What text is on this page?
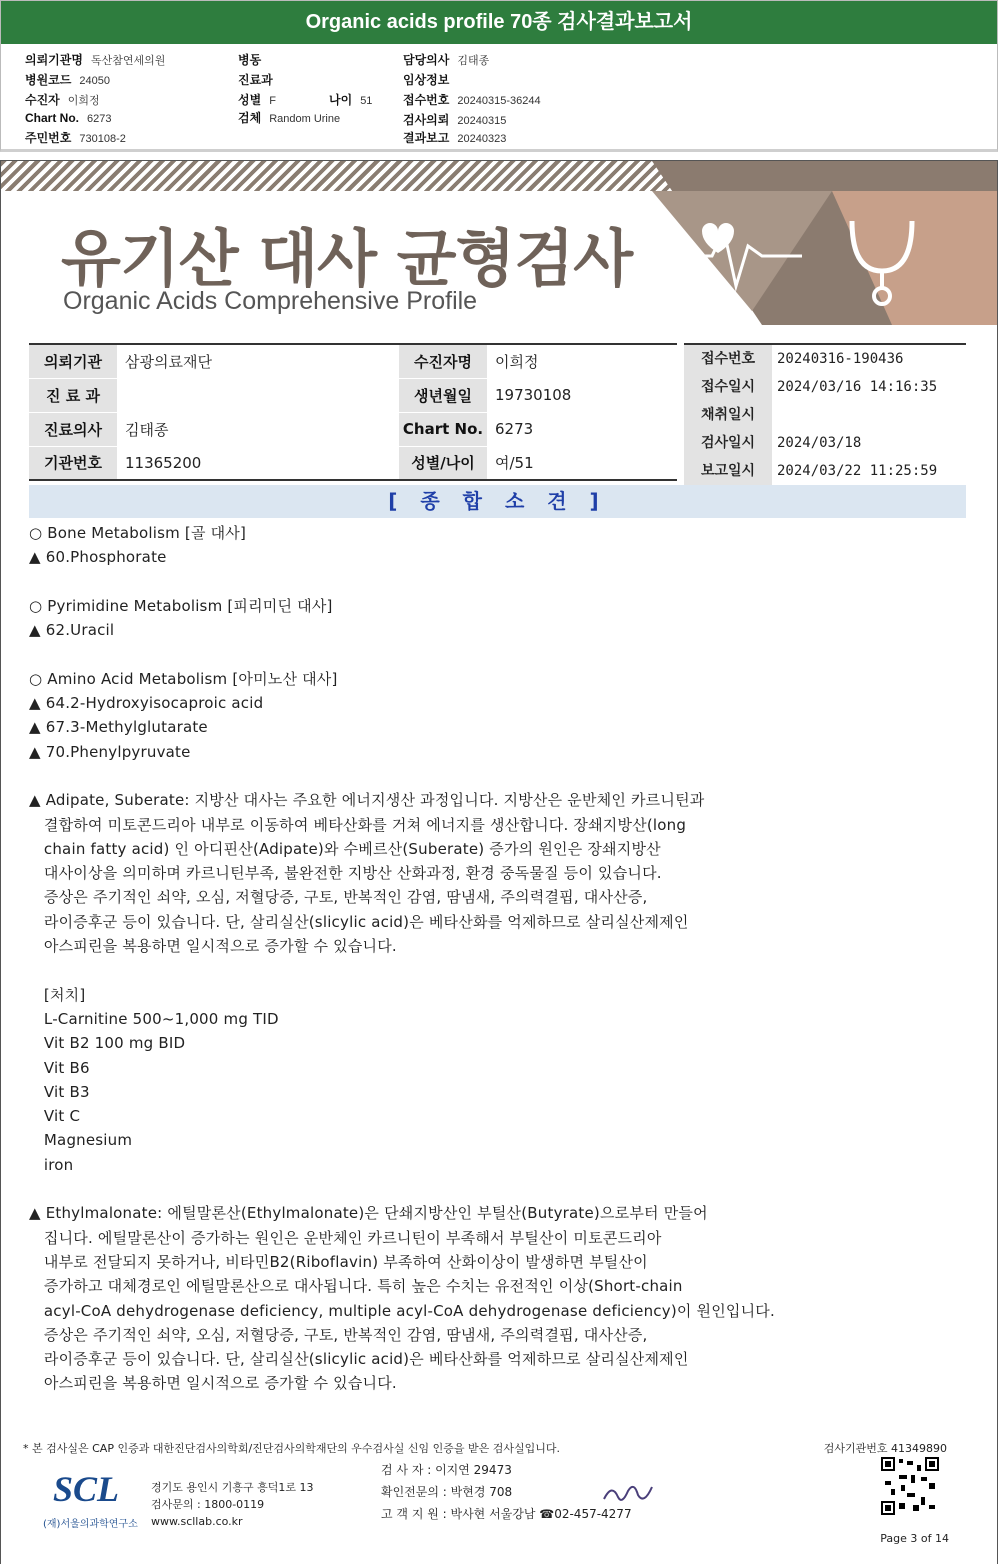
Organic acids profile 70종 검사결과보고서
의뢰기관명 독산참연세의원
병원코드 24050
수진자 이희정
Chart No. 6273
주민번호 730108-2
병동
진료과
성별 F	나이 51
검체 Random Urine
담당의사 김태종
임상정보
접수번호 20240315-36244
검사의뢰 20240315
결과보고 20240323
유기산 대사 균형검사
Organic Acids Comprehensive Profile
의뢰기관	삼광의료재단	수진자명	이희정
진 료 과		생년월일	19730108
진료의사	김태종	Chart No.	6273
기관번호	11365200	성별/나이	여/51
접수번호	20240316-190436
접수일시	2024/03/16 14:16:35
채취일시
검사일시	2024/03/18
보고일시	2024/03/22 11:25:59
[ 종 합 소 견 ]

○ Bone Metabolism [골 대사]

▲ 60.Phosphorate

○ Pyrimidine Metabolism [피리미딘 대사]

▲ 62.Uracil

○ Amino Acid Metabolism [아미노산 대사]

▲ 64.2-Hydroxyisocaproic acid

▲ 67.3-Methylglutarate

▲ 70.Phenylpyruvate

▲ Adipate, Suberate: 지방산 대사는 주요한 에너지생산 과정입니다. 지방산은 운반체인 카르니틴과

결합하여 미토콘드리아 내부로 이동하여 베타산화를 거쳐 에너지를 생산합니다. 장쇄지방산(long

chain fatty acid) 인 아디핀산(Adipate)와 수베르산(Suberate) 증가의 원인은 장쇄지방산

대사이상을 의미하며 카르니틴부족, 불완전한 지방산 산화과정, 환경 중독물질 등이 있습니다.

증상은 주기적인 쇠약, 오심, 저혈당증, 구토, 반복적인 감염, 땀냄새, 주의력결핍, 대사산증,

라이증후군 등이 있습니다. 단, 살리실산(slicylic acid)은 베타산화를 억제하므로 살리실산제제인

아스피린을 복용하면 일시적으로 증가할 수 있습니다.

[처치]

L-Carnitine 500~1,000 mg TID

Vit B2 100 mg BID

Vit B6

Vit B3

Vit C

Magnesium

iron

▲ Ethylmalonate: 에틸말론산(Ethylmalonate)은 단쇄지방산인 부틸산(Butyrate)으로부터 만들어

집니다. 에틸말론산이 증가하는 원인은 운반체인 카르니틴이 부족해서 부틸산이 미토콘드리아

내부로 전달되지 못하거나, 비타민B2(Riboflavin) 부족하여 산화이상이 발생하면 부틸산이

증가하고 대체경로인 에틸말론산으로 대사됩니다. 특히 높은 수치는 유전적인 이상(Short-chain

acyl-CoA dehydrogenase deficiency, multiple acyl-CoA dehydrogenase deficiency)이 원인입니다.

증상은 주기적인 쇠약, 오심, 저혈당증, 구토, 반복적인 감염, 땀냄새, 주의력결핍, 대사산증,

라이증후군 등이 있습니다. 단, 살리실산(slicylic acid)은 베타산화를 억제하므로 살리실산제제인

아스피린을 복용하면 일시적으로 증가할 수 있습니다.

* 본 검사실은 CAP 인증과 대한진단검사의학회/진단검사의학재단의 우수검사실 신임 인증을 받은 검사실입니다.	검사기관번호 41349890
SCL
(재)서울의과학연구소
경기도 용인시 기흥구 흥덕1로 13
검사문의 : 1800-0119
www.scllab.co.kr
검 사 자 : 이지연 29473
확인전문의 : 박현경 708
고 객 지 원 : 박사현 서울강남 ☎02-457-4277
Page 3 of 14
